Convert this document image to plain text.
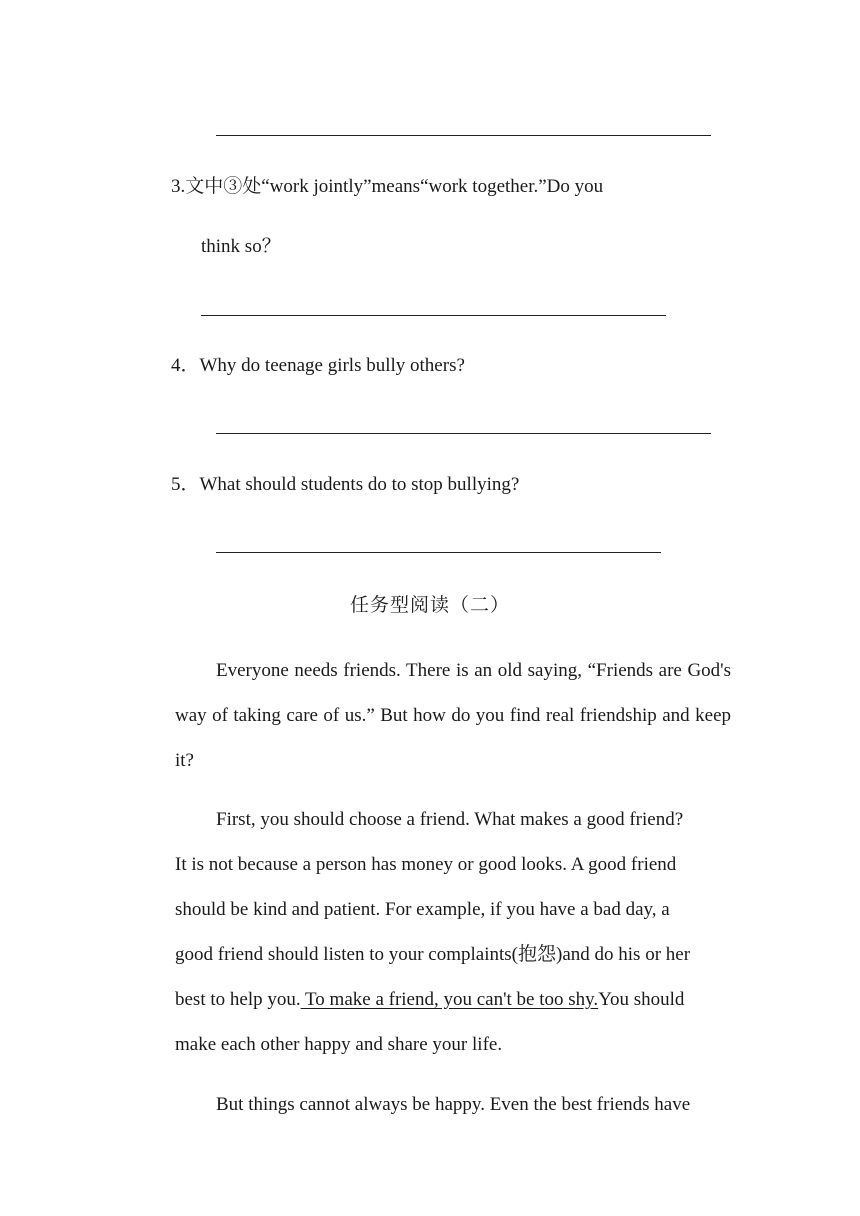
3.文中③处“work jointly”means“work together.”Do you
think so？
4．Why do teenage girls bully others?
5．What should students do to stop bullying?
任务型阅读（二）
Everyone needs friends. There is an old saying, “Friends are God's way of taking care of us.” But how do you find real friendship and keep it?
First, you should choose a friend. What makes a good friend?
It is not because a person has money or good looks. A good friend
should be kind and patient. For example, if you have a bad day, a
good friend should listen to your complaints(抱怨)and do his or her
best to help you. To make a friend, you can't be too shy.You should
make each other happy and share your life.
But things cannot always be happy. Even the best friends have
